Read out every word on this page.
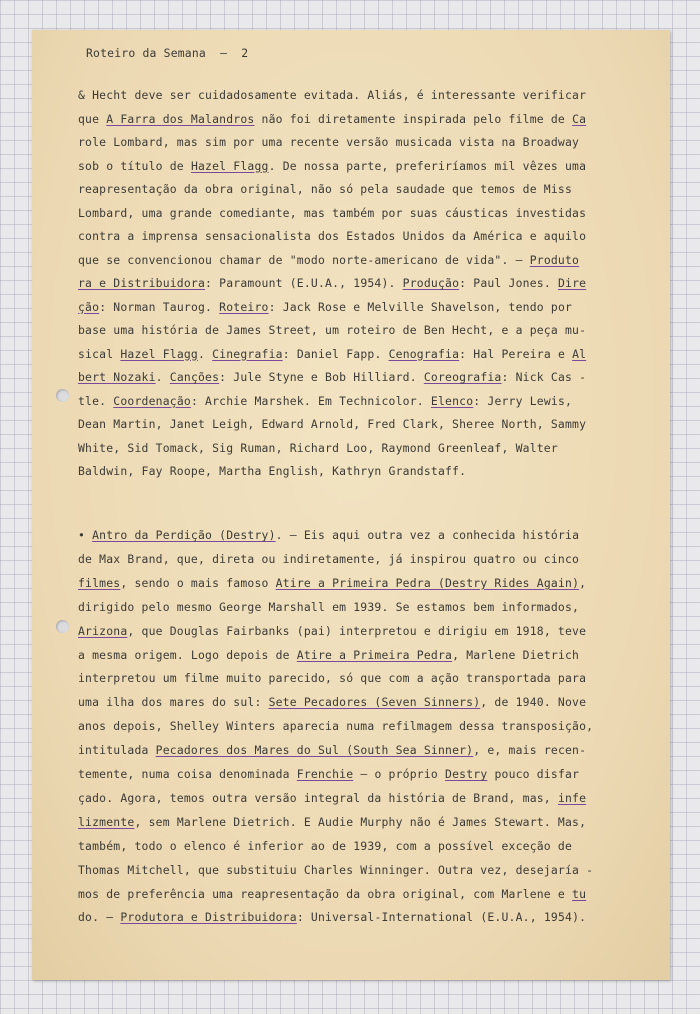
Roteiro da Semana  —  2
& Hecht deve ser cuidadosamente evitada. Aliás, é interessante verificar
que A Farra dos Malandros não foi diretamente inspirada pelo filme de Ca
role Lombard, mas sim por uma recente versão musicada vista na Broadway
sob o título de Hazel Flagg. De nossa parte, preferiríamos mil vêzes uma
reapresentação da obra original, não só pela saudade que temos de Miss
Lombard, uma grande comediante, mas também por suas cáusticas investidas
contra a imprensa sensacionalista dos Estados Unidos da América e aquilo
que se convencionou chamar de "modo norte-americano de vida". — Produto
ra e Distribuidora: Paramount (E.U.A., 1954). Produção: Paul Jones. Dire
ção: Norman Taurog. Roteiro: Jack Rose e Melville Shavelson, tendo por
base uma história de James Street, um roteiro de Ben Hecht, e a peça mu-
sical Hazel Flagg. Cinegrafia: Daniel Fapp. Cenografia: Hal Pereira e Al
bert Nozaki. Canções: Jule Styne e Bob Hilliard. Coreografia: Nick Cas -
tle. Coordenação: Archie Marshek. Em Technicolor. Elenco: Jerry Lewis,
Dean Martin, Janet Leigh, Edward Arnold, Fred Clark, Sheree North, Sammy
White, Sid Tomack, Sig Ruman, Richard Loo, Raymond Greenleaf, Walter
Baldwin, Fay Roope, Martha English, Kathryn Grandstaff.
• Antro da Perdição (Destry). — Eis aqui outra vez a conhecida história
de Max Brand, que, direta ou indiretamente, já inspirou quatro ou cinco
filmes, sendo o mais famoso Atire a Primeira Pedra (Destry Rides Again),
dirigido pelo mesmo George Marshall em 1939. Se estamos bem informados,
Arizona, que Douglas Fairbanks (pai) interpretou e dirigiu em 1918, teve
a mesma origem. Logo depois de Atire a Primeira Pedra, Marlene Dietrich
interpretou um filme muito parecido, só que com a ação transportada para
uma ilha dos mares do sul: Sete Pecadores (Seven Sinners), de 1940. Nove
anos depois, Shelley Winters aparecia numa refilmagem dessa transposição,
intitulada Pecadores dos Mares do Sul (South Sea Sinner), e, mais recen-
temente, numa coisa denominada Frenchie — o próprio Destry pouco disfar
çado. Agora, temos outra versão integral da história de Brand, mas, infe
lizmente, sem Marlene Dietrich. E Audie Murphy não é James Stewart. Mas,
também, todo o elenco é inferior ao de 1939, com a possível exceção de
Thomas Mitchell, que substituiu Charles Winninger. Outra vez, desejaría -
mos de preferência uma reapresentação da obra original, com Marlene e tu
do. — Produtora e Distribuidora: Universal-International (E.U.A., 1954).
